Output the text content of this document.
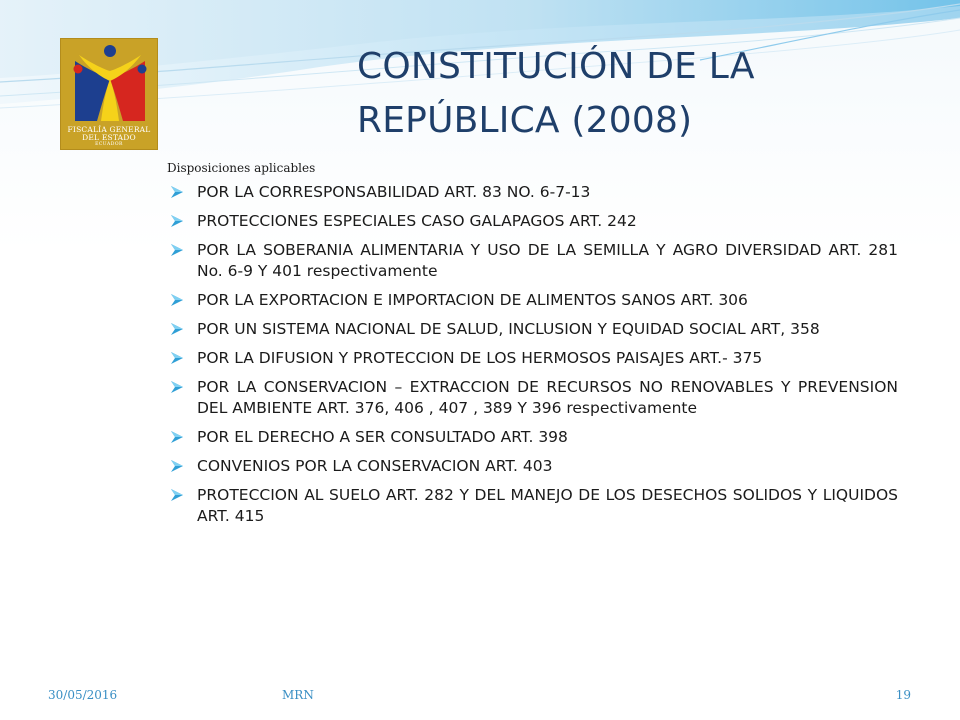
FISCALÍA GENERAL
DEL ESTADO
ECUADOR
CONSTITUCIÓN DE LA
REPÚBLICA (2008)
Disposiciones aplicables
POR LA CORRESPONSABILIDAD ART. 83 NO. 6-7-13
PROTECCIONES ESPECIALES CASO GALAPAGOS ART. 242
POR LA SOBERANIA ALIMENTARIA Y USO DE LA SEMILLA Y AGRO DIVERSIDAD ART. 281 No. 6-9 Y 401 respectivamente
POR LA EXPORTACION E IMPORTACION DE ALIMENTOS SANOS ART. 306
POR UN SISTEMA NACIONAL DE SALUD, INCLUSION Y EQUIDAD SOCIAL ART, 358
POR LA DIFUSION Y PROTECCION DE LOS HERMOSOS PAISAJES ART.- 375
POR LA CONSERVACION – EXTRACCION DE RECURSOS NO RENOVABLES Y PREVENSION DEL AMBIENTE ART. 376, 406 , 407 , 389 Y 396 respectivamente
POR EL DERECHO A SER CONSULTADO ART. 398
CONVENIOS POR LA CONSERVACION ART. 403
PROTECCION AL SUELO ART. 282 Y DEL MANEJO DE LOS DESECHOS SOLIDOS Y LIQUIDOS ART. 415
30/05/2016	MRN	19
